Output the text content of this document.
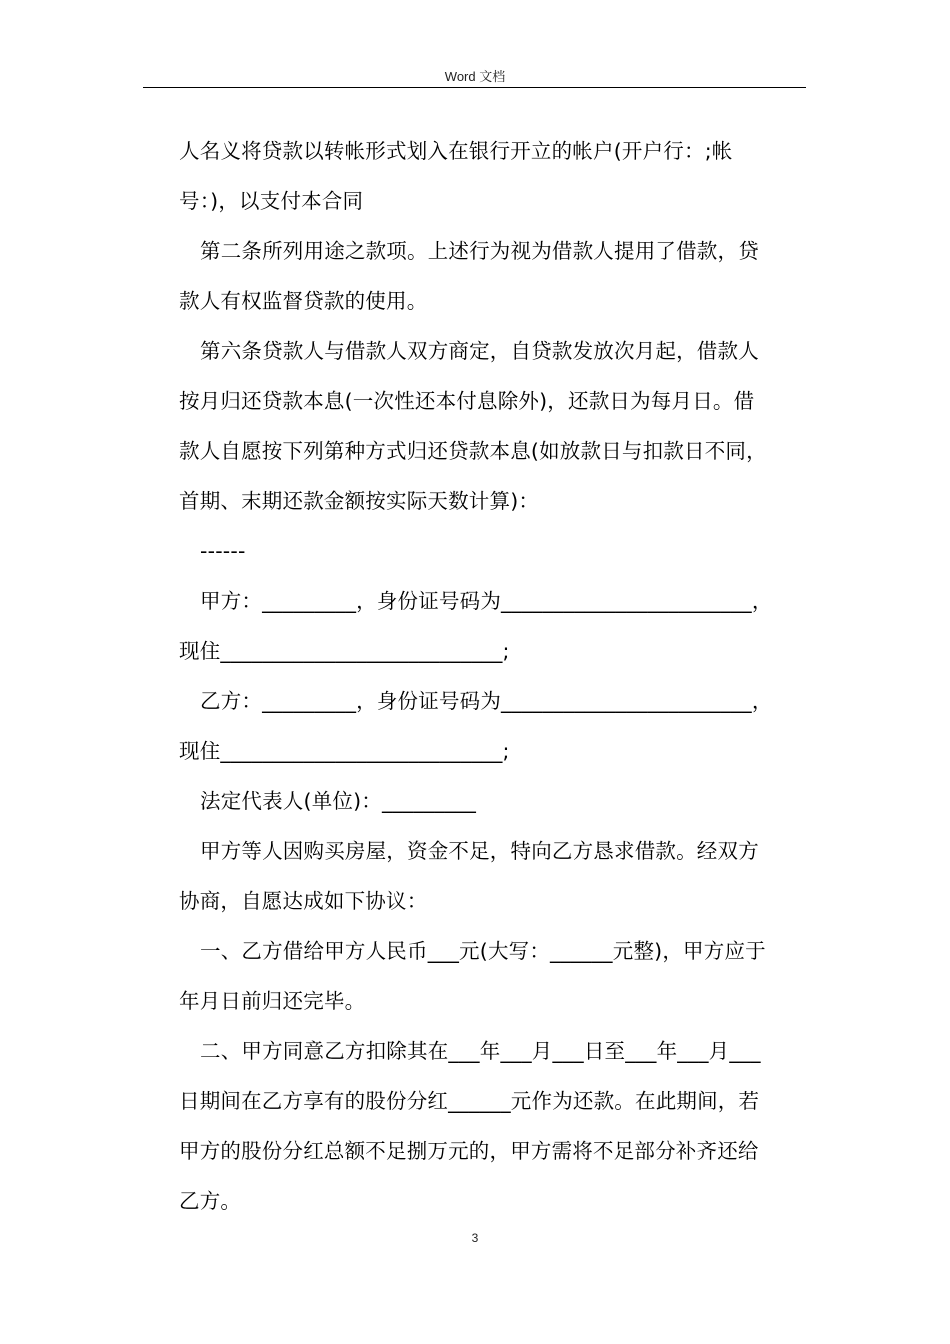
Word 文档
人名义将贷款以转帐形式划入在银行开立的帐户(开户行：;帐
号：)，以支付本合同
第二条所列用途之款项。上述行为视为借款人提用了借款，贷
款人有权监督贷款的使用。
第六条贷款人与借款人双方商定，自贷款发放次月起，借款人
按月归还贷款本息(一次性还本付息除外)，还款日为每月日。借
款人自愿按下列第种方式归还贷款本息(如放款日与扣款日不同，
首期、末期还款金额按实际天数计算)：
------
甲方：_________，身份证号码为________________________，
现住___________________________;
乙方：_________，身份证号码为________________________，
现住___________________________;
法定代表人(单位)：_________
甲方等人因购买房屋，资金不足，特向乙方恳求借款。经双方
协商，自愿达成如下协议：
一、乙方借给甲方人民币___元(大写：______元整)，甲方应于
年月日前归还完毕。
二、甲方同意乙方扣除其在___年___月___日至___年___月___
日期间在乙方享有的股份分红______元作为还款。在此期间，若
甲方的股份分红总额不足捌万元的，甲方需将不足部分补齐还给
乙方。
3
